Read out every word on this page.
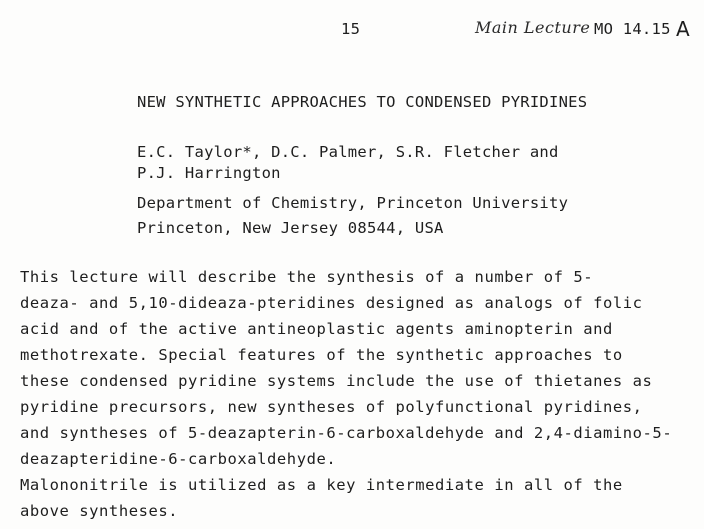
15	Main Lecture MO 14.15 A
NEW SYNTHETIC APPROACHES TO CONDENSED PYRIDINES
E.C. Taylor*, D.C. Palmer, S.R. Fletcher and
P.J. Harrington
Department of Chemistry, Princeton University
Princeton, New Jersey 08544, USA
This lecture will describe the synthesis of a number of 5-
deaza- and 5,10-dideaza-pteridines designed as analogs of folic
acid and of the active antineoplastic agents aminopterin and
methotrexate. Special features of the synthetic approaches to
these condensed pyridine systems include the use of thietanes as
pyridine precursors, new syntheses of polyfunctional pyridines,
and syntheses of 5-deazapterin-6-carboxaldehyde and 2,4-diamino-5-
deazapteridine-6-carboxaldehyde.
Malononitrile is utilized as a key intermediate in all of the
above syntheses.
